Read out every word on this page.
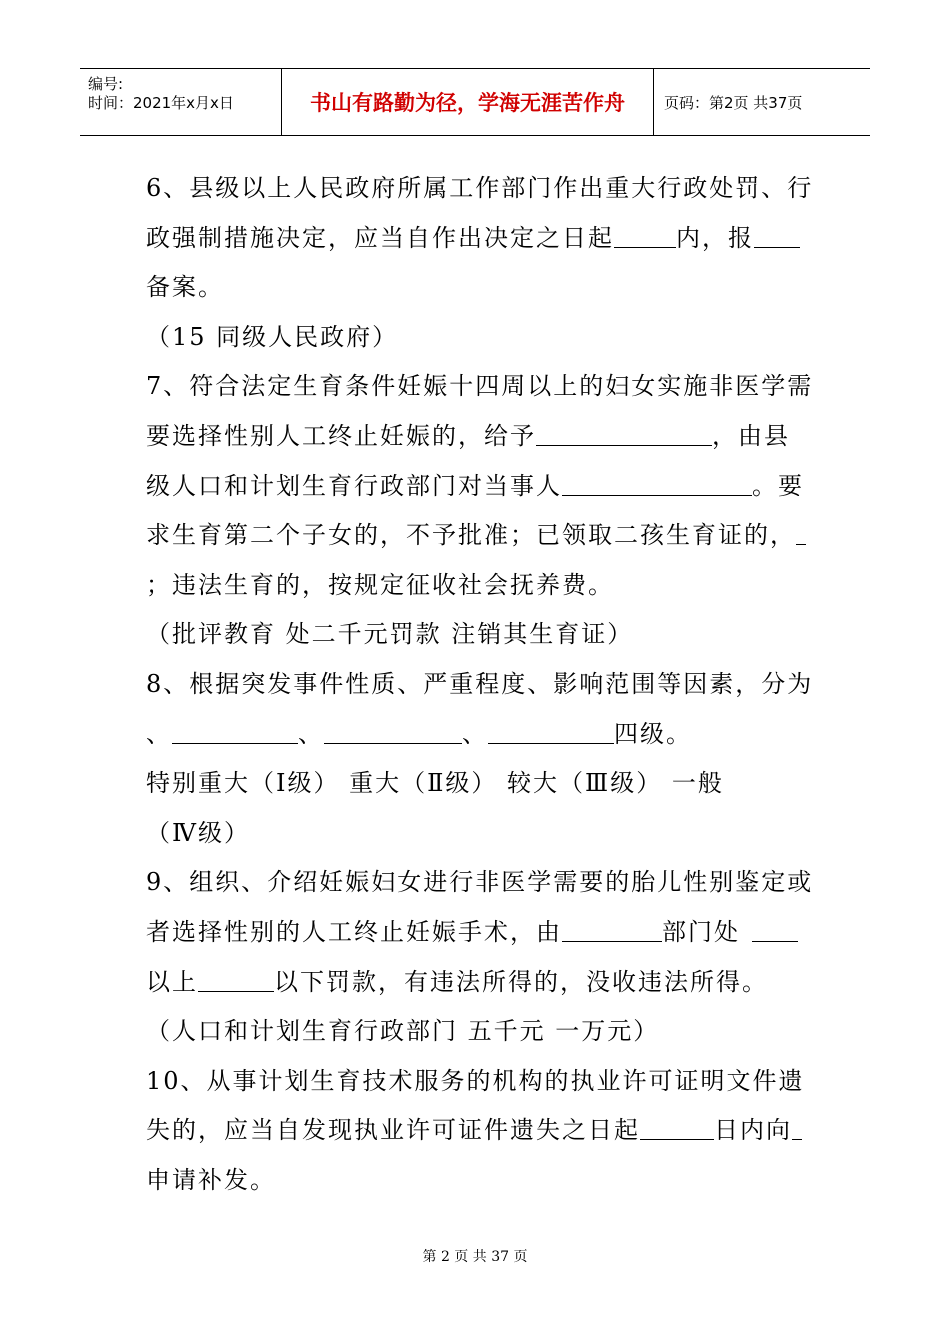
编号:
时间：2021年x月x日	书山有路勤为径，学海无涯苦作舟	页码：第2页 共37页
6、县级以上人民政府所属工作部门作出重大行政处罚、行
政强制措施决定，应当自作出决定之日起	内，报
备案。
（15 同级人民政府）
7、符合法定生育条件妊娠十四周以上的妇女实施非医学需
要选择性别人工终止妊娠的，给予	，由县
级人口和计划生育行政部门对当事人	。要
求生育第二个子女的，不予批准；已领取二孩生育证的，
；违法生育的，按规定征收社会抚养费。
（批评教育 处二千元罚款 注销其生育证）
8、根据突发事件性质、严重程度、影响范围等因素，分为
、	、	、	四级。
特别重大（Ⅰ级） 重大（Ⅱ级） 较大（Ⅲ级） 一般
（Ⅳ级）
9、组织、介绍妊娠妇女进行非医学需要的胎儿性别鉴定或
者选择性别的人工终止妊娠手术，由	部门处
以上	以下罚款，有违法所得的，没收违法所得。
（人口和计划生育行政部门 五千元 一万元）
10、从事计划生育技术服务的机构的执业许可证明文件遗
失的，应当自发现执业许可证件遗失之日起	日内向
申请补发。
第 2 页 共 37 页
